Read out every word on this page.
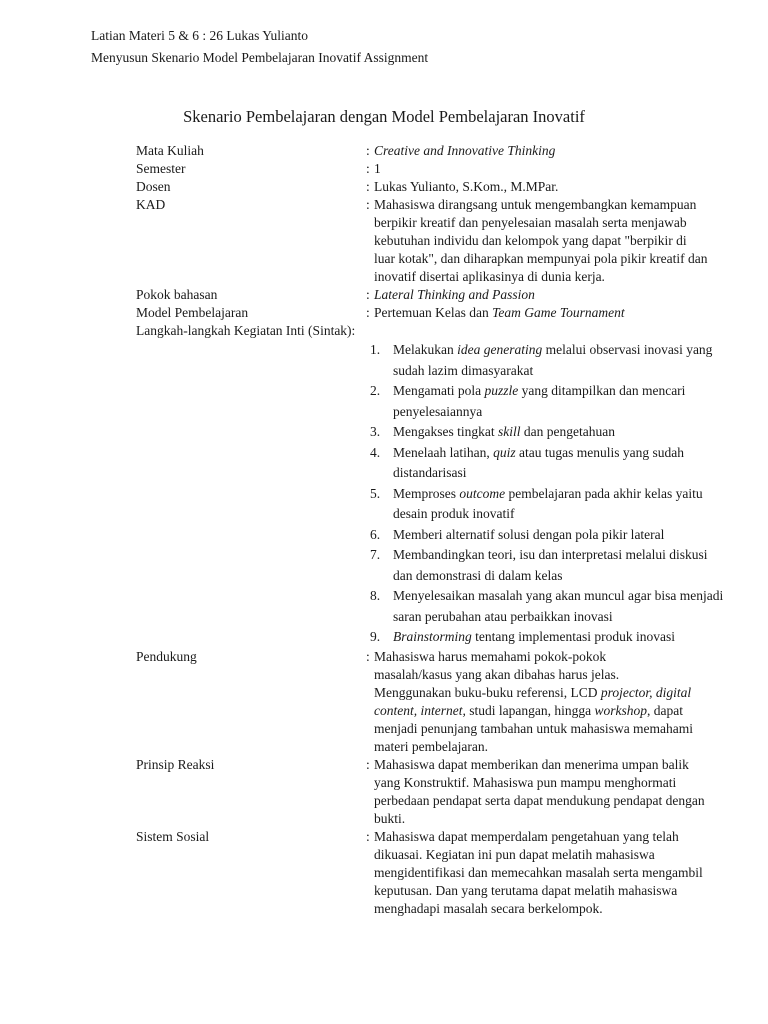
Latian Materi 5 & 6 : 26 Lukas Yulianto
Menyusun Skenario Model Pembelajaran Inovatif Assignment
Skenario Pembelajaran dengan Model Pembelajaran Inovatif
Mata Kuliah	: Creative and Innovative Thinking
Semester	: 1
Dosen	: Lukas Yulianto, S.Kom., M.MPar.
KAD	: Mahasiswa dirangsang untuk mengembangkan kemampuan berpikir kreatif dan penyelesaian masalah serta menjawab kebutuhan individu dan kelompok yang dapat "berpikir di luar kotak", dan diharapkan mempunyai pola pikir kreatif dan inovatif disertai aplikasinya di dunia kerja.
Pokok bahasan	: Lateral Thinking and Passion
Model Pembelajaran	: Pertemuan Kelas dan Team Game Tournament
Langkah-langkah Kegiatan Inti (Sintak):
1. Melakukan idea generating melalui observasi inovasi yang sudah lazim dimasyarakat
2. Mengamati pola puzzle yang ditampilkan dan mencari penyelesaiannya
3. Mengakses tingkat skill dan pengetahuan
4. Menelaah latihan, quiz atau tugas menulis yang sudah distandarisasi
5. Memproses outcome pembelajaran pada akhir kelas yaitu desain produk inovatif
6. Memberi alternatif solusi dengan pola pikir lateral
7. Membandingkan teori, isu dan interpretasi melalui diskusi dan demonstrasi di dalam kelas
8. Menyelesaikan masalah yang akan muncul agar bisa menjadi saran perubahan atau perbaikkan inovasi
9. Brainstorming tentang implementasi produk inovasi
Pendukung	: Mahasiswa harus memahami pokok-pokok masalah/kasus yang akan dibahas harus jelas.
Menggunakan buku-buku referensi, LCD projector, digital content, internet, studi lapangan, hingga workshop, dapat menjadi penunjang tambahan untuk mahasiswa memahami materi pembelajaran.
Prinsip Reaksi	: Mahasiswa dapat memberikan dan menerima umpan balik yang Konstruktif. Mahasiswa pun mampu menghormati perbedaan pendapat serta dapat mendukung pendapat dengan bukti.
Sistem Sosial	: Mahasiswa dapat memperdalam pengetahuan yang telah dikuasai. Kegiatan ini pun dapat melatih mahasiswa mengidentifikasi dan memecahkan masalah serta mengambil keputusan. Dan yang terutama dapat melatih mahasiswa menghadapi masalah secara berkelompok.
